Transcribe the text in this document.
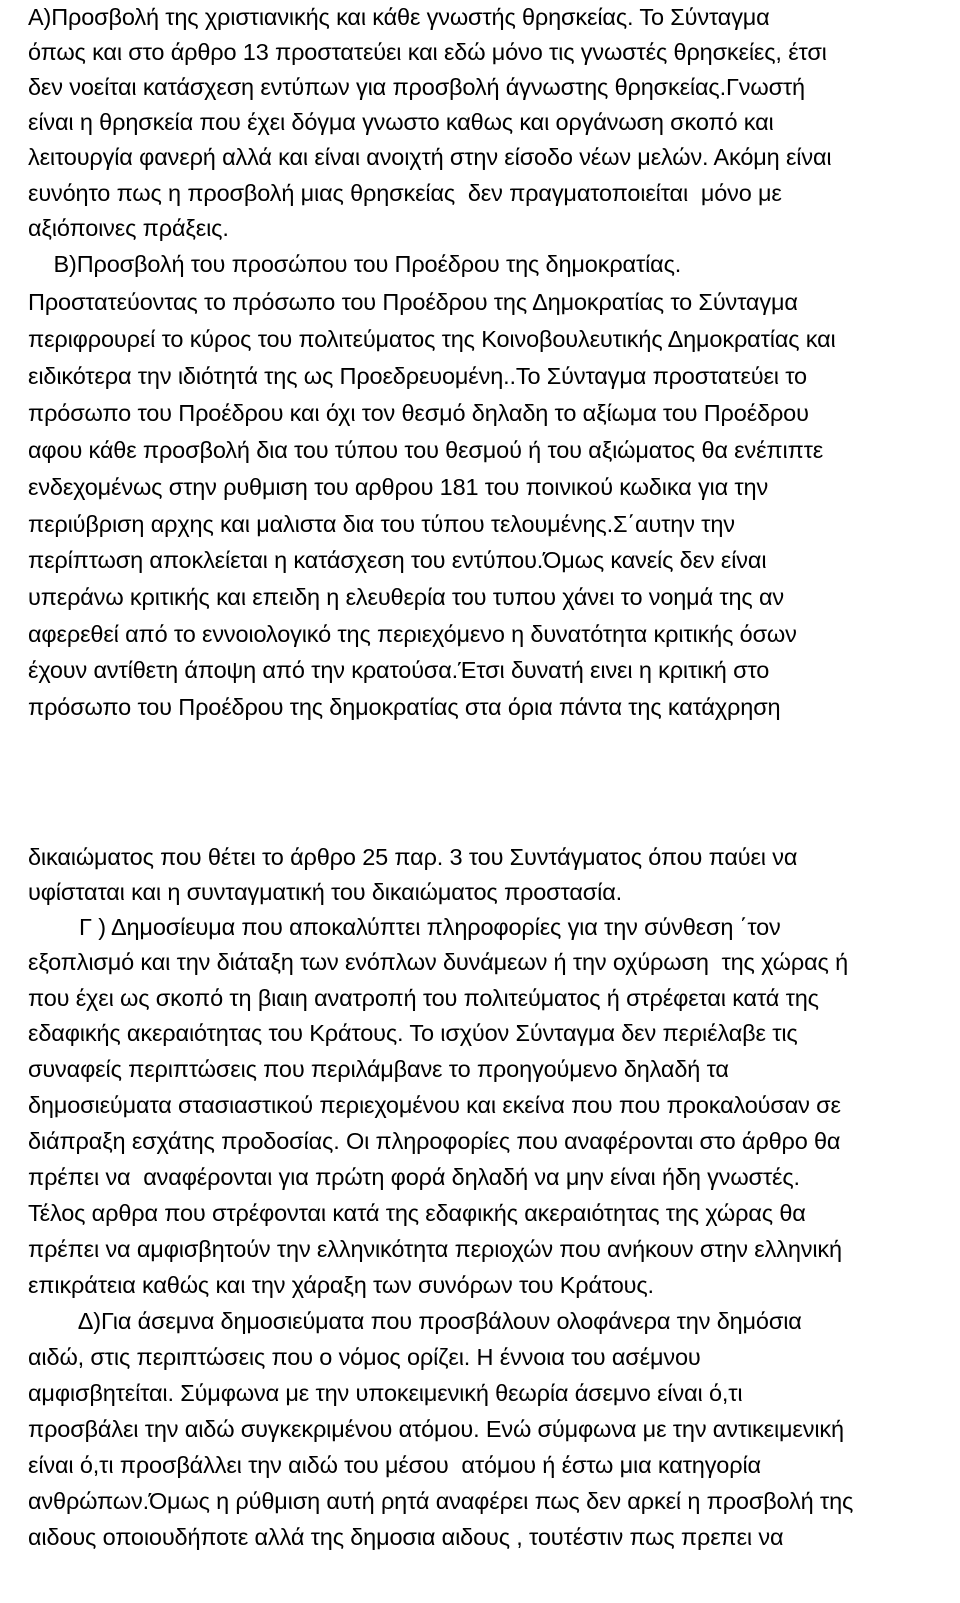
Α)Προσβολή της χριστιανικής και κάθε γνωστής θρησκείας. Το Σύνταγμα
όπως και στο άρθρο 13 προστατεύει και εδώ μόνο τις γνωστές θρησκείες, έτσι
δεν νοείται κατάσχεση εντύπων για προσβολή άγνωστης θρησκείας.Γνωστή
είναι η θρησκεία που έχει δόγμα γνωστο καθως και οργάνωση σκοπό και
λειτουργία φανερή αλλά και είναι ανοιχτή στην είσοδο νέων μελών. Ακόμη είναι
ευνόητο πως η προσβολή μιας θρησκείας  δεν πραγματοποιείται  μόνο με
αξιόποινες πράξεις.
Β)Προσβολή του προσώπου του Προέδρου της δημοκρατίας.
Προστατεύοντας το πρόσωπο του Προέδρου της Δημοκρατίας το Σύνταγμα
περιφρουρεί το κύρος του πολιτεύματος της Κοινοβουλευτικής Δημοκρατίας και
ειδικότερα την ιδιότητά της ως Προεδρευομένη..Το Σύνταγμα προστατεύει το
πρόσωπο του Προέδρου και όχι τον θεσμό δηλαδη το αξίωμα του Προέδρου
αφου κάθε προσβολή δια του τύπου του θεσμού ή του αξιώματος θα ενέπιπτε
ενδεχομένως στην ρυθμιση του αρθρου 181 του ποινικού κωδικα για την
περιύβριση αρχης και μαλιστα δια του τύπου τελουμένης.Σ΄αυτην την
περίπτωση αποκλείεται η κατάσχεση του εντύπου.Όμως κανείς δεν είναι
υπεράνω κριτικής και επειδη η ελευθερία του τυπου χάνει το νοημά της αν
αφερεθεί από το εννοιολογικό της περιεχόμενο η δυνατότητα κριτικής όσων
έχουν αντίθετη άποψη από την κρατούσα.Έτσι δυνατή εινει η κριτική στο
πρόσωπο του Προέδρου της δημοκρατίας στα όρια πάντα της κατάχρηση
δικαιώματος που θέτει το άρθρο 25 παρ. 3 του Συντάγματος όπου παύει να
υφίσταται και η συνταγματική του δικαιώματος προστασία.
Γ ) Δημοσίευμα που αποκαλύπτει πληροφορίες για την σύνθεση ΄τον
εξοπλισμό και την διάταξη των ενόπλων δυνάμεων ή την οχύρωση  της χώρας ή
που έχει ως σκοπό τη βιαιη ανατροπή του πολιτεύματος ή στρέφεται κατά της
εδαφικής ακεραιότητας του Κράτους. Το ισχύον Σύνταγμα δεν περιέλαβε τις
συναφείς περιπτώσεις που περιλάμβανε το προηγούμενο δηλαδή τα
δημοσιεύματα στασιαστικού περιεχομένου και εκείνα που που προκαλούσαν σε
διάπραξη εσχάτης προδοσίας. Οι πληροφορίες που αναφέρονται στο άρθρο θα
πρέπει να  αναφέρονται για πρώτη φορά δηλαδή να μην είναι ήδη γνωστές.
Τέλος αρθρα που στρέφονται κατά της εδαφικής ακεραιότητας της χώρας θα
πρέπει να αμφισβητούν την ελληνικότητα περιοχών που ανήκουν στην ελληνική
επικράτεια καθώς και την χάραξη των συνόρων του Κράτους.
Δ)Για άσεμνα δημοσιεύματα που προσβάλουν ολοφάνερα την δημόσια
αιδώ, στις περιπτώσεις που ο νόμος ορίζει. Η έννοια του ασέμνου
αμφισβητείται. Σύμφωνα με την υποκειμενική θεωρία άσεμνο είναι ό,τι
προσβάλει την αιδώ συγκεκριμένου ατόμου. Ενώ σύμφωνα με την αντικειμενική
είναι ό,τι προσβάλλει την αιδώ του μέσου  ατόμου ή έστω μια κατηγορία
ανθρώπων.Όμως η ρύθμιση αυτή ρητά αναφέρει πως δεν αρκεί η προσβολή της
αιδους οποιουδήποτε αλλά της δημοσια αιδους , τουτέστιν πως πρεπει να
